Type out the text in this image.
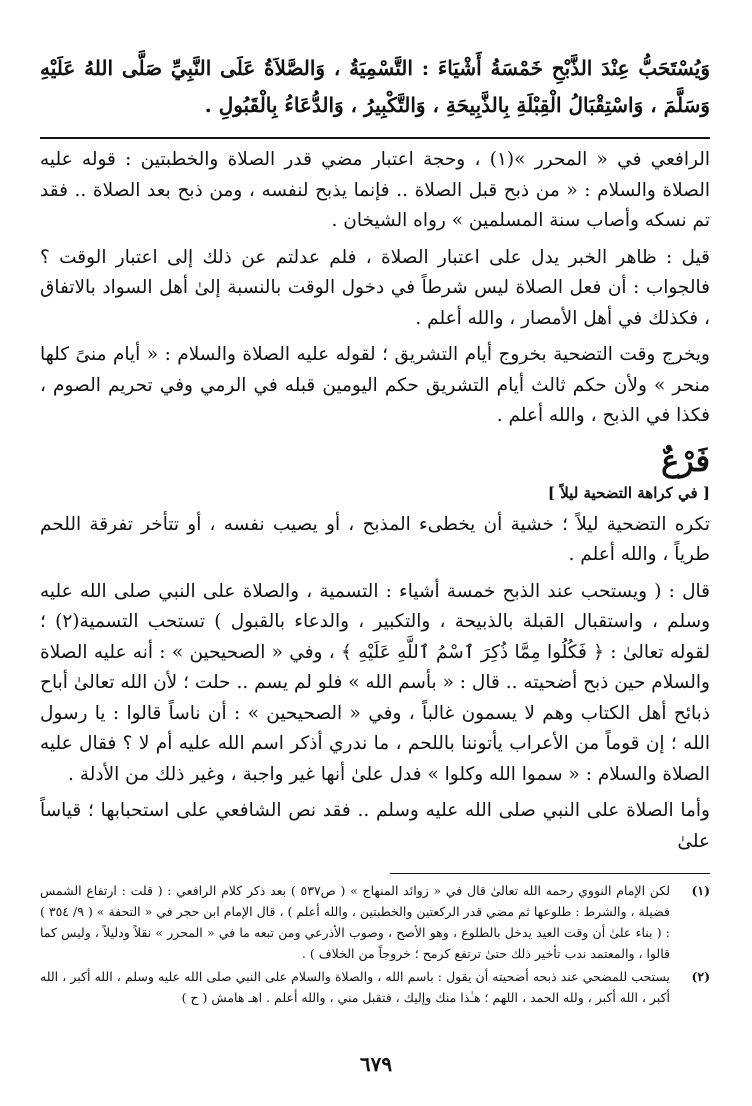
وَيُسْتَحَبُّ عِنْدَ الذَّبْحِ خَمْسَةُ أَشْيَاءَ : التَّسْمِيَةُ ، وَالصَّلاَةُ عَلَى النَّبِيِّ صَلَّى اللهُ عَلَيْهِ وَسَلَّمَ ، وَاسْتِقْبَالُ الْقِبْلَةِ بِالذَّبِيحَةِ ، وَالتَّكْبِيرُ ، وَالدُّعَاءُ بِالْقَبُولِ .

الرافعي في « المحرر »(١) ، وحجة اعتبار مضي قدر الصلاة والخطبتين : قوله عليه الصلاة والسلام : « من ذبح قبل الصلاة .. فإنما يذبح لنفسه ، ومن ذبح بعد الصلاة .. فقد تم نسكه وأصاب سنة المسلمين » رواه الشيخان .

قيل : ظاهر الخبر يدل على اعتبار الصلاة ، فلم عدلتم عن ذلك إلى اعتبار الوقت ؟ فالجواب : أن فعل الصلاة ليس شرطاً في دخول الوقت بالنسبة إلىٰ أهل السواد بالاتفاق ، فكذلك في أهل الأمصار ، والله أعلم .

ويخرج وقت التضحية بخروج أيام التشريق ؛ لقوله عليه الصلاة والسلام : « أيام منىً كلها منحر » ولأن حكم ثالث أيام التشريق حكم اليومين قبله في الرمي وفي تحريم الصوم ، فكذا في الذبح ، والله أعلم .

فَرْعٌ
[ في كراهة التضحية ليلاً ]

تكره التضحية ليلاً ؛ خشية أن يخطىء المذبح ، أو يصيب نفسه ، أو تتأخر تفرقة اللحم طرياً ، والله أعلم .

قال : ( ويستحب عند الذبح خمسة أشياء : التسمية ، والصلاة على النبي صلى الله عليه وسلم ، واستقبال القبلة بالذبيحة ، والتكبير ، والدعاء بالقبول ) تستحب التسمية(٢) ؛ لقوله تعالىٰ : ﴿ فَكُلُوا مِمَّا ذُكِرَ ٱسْمُ ٱللَّهِ عَلَيْهِ ﴾ ، وفي « الصحيحين » : أنه عليه الصلاة والسلام حين ذبح أضحيته .. قال : « بأسم الله » فلو لم يسم .. حلت ؛ لأن الله تعالىٰ أباح ذبائح أهل الكتاب وهم لا يسمون غالباً ، وفي « الصحيحين » : أن ناساً قالوا : يا رسول الله ؛ إن قوماً من الأعراب يأتوننا باللحم ، ما ندري أذكر اسم الله عليه أم لا ؟ فقال عليه الصلاة والسلام : « سموا الله وكلوا » فدل علىٰ أنها غير واجبة ، وغير ذلك من الأدلة .

وأما الصلاة على النبي صلى الله عليه وسلم .. فقد نص الشافعي على استحبابها ؛ قياساً علىٰ

(١)
لكن الإمام النووي رحمه الله تعالىٰ قال في « زوائد المنهاج » ( ص٥٣٧ ) بعد ذكر كلام الرافعي : ( قلت : ارتفاع الشمس فضيلة ، والشرط : طلوعها ثم مضي قدر الركعتين والخطبتين ، والله أعلم ) ، قال الإمام ابن حجر في « التحفة » ( ٩/ ٣٥٤ ) : ( بناء علىٰ أن وقت العيد يدخل بالطلوع ، وهو الأصح ، وصوب الأذرعي ومن تبعه ما في « المحرر » نقلاً ودليلاً ، وليس كما قالوا ، والمعتمد ندب تأخير ذلك حتىٰ ترتفع كرمح ؛ خروجاً من الخلاف ) .
(٢)
يستحب للمضحي عند ذبحه أضحيته أن يقول : باسم الله ، والصلاة والسلام على النبي صلى الله عليه وسلم ، الله أكبر ، الله أكبر ، الله أكبر ، ولله الحمد ، اللهم ؛ هـٰذا منك وإليك ، فتقبل مني ، والله أعلم . اهـ هامش ( ح )
٦٧٩
